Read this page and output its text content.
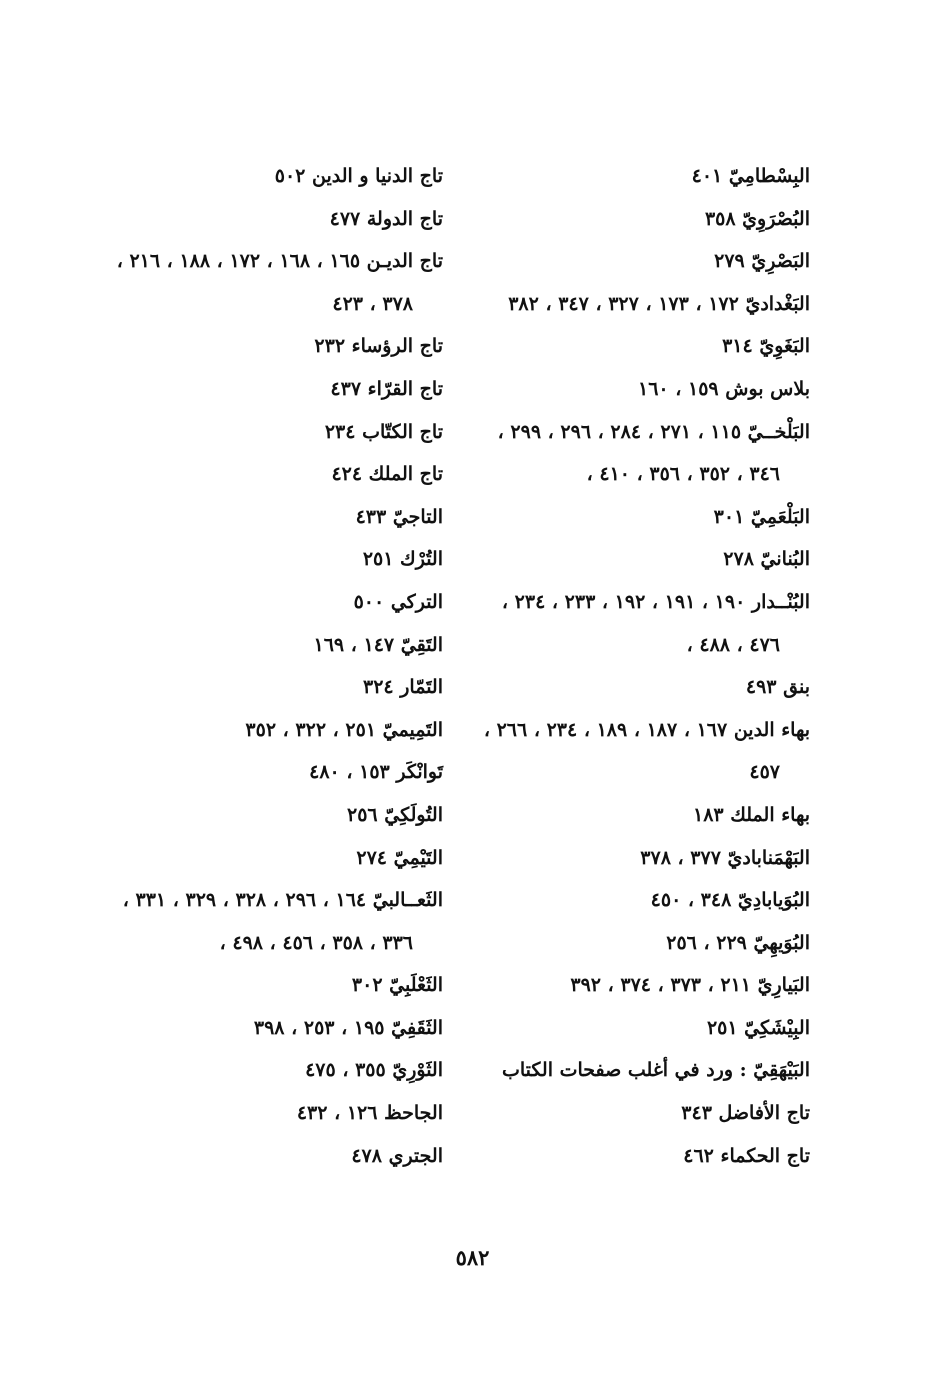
البِسْطامِيّ ٤٠١
البُصْرَوِيّ ٣٥٨
البَصْرِيّ ٢٧٩
البَغْداديّ ١٧٢ ، ١٧٣ ، ٣٢٧ ، ٣٤٧ ، ٣٨٢
البَغَوِيّ ٣١٤
بلاس بوش ١٥٩ ، ١٦٠
البَلْخــيّ ١١٥ ، ٢٧١ ، ٢٨٤ ، ٢٩٦ ، ٢٩٩ ،
٣٤٦ ، ٣٥٢ ، ٣٥٦ ، ٤١٠ ،
البَلْعَمِيّ ٣٠١
البُنانيّ ٢٧٨
البُنْــدار ١٩٠ ، ١٩١ ، ١٩٢ ، ٢٣٣ ، ٢٣٤ ،
٤٧٦ ، ٤٨٨ ،
بنق ٤٩٣
بهاء الدين ١٦٧ ، ١٨٧ ، ١٨٩ ، ٢٣٤ ، ٢٦٦ ،
٤٥٧
بهاء الملك ١٨٣
البَهْمَناباديّ ٣٧٧ ، ٣٧٨
البُوَيابادِيّ ٣٤٨ ، ٤٥٠
البُوَيهِيّ ٢٢٩ ، ٢٥٦
البَيارِيّ ٢١١ ، ٣٧٣ ، ٣٧٤ ، ٣٩٢
البِيْشَكِيّ ٢٥١
البَيْهَقِيّ : ورد في أغلب صفحات الكتاب
تاج الأفاضل ٣٤٣
تاج الحكماء ٤٦٢
تاج الدنيا و الدين ٥٠٢
تاج الدولة ٤٧٧
تاج الديـن ١٦٥ ، ١٦٨ ، ١٧٢ ، ١٨٨ ، ٢١٦ ،
٣٧٨ ، ٤٢٣
تاج الرؤساء ٢٣٢
تاج القرّاء ٤٣٧
تاج الكتّاب ٢٣٤
تاج الملك ٤٢٤
التاجيّ ٤٣٣
التُرْك ٢٥١
التركي ٥٠٠
التَقِيّ ١٤٧ ، ١٦٩
التَمّار ٣٢٤
التَمِيميّ ٢٥١ ، ٣٢٢ ، ٣٥٢
تَوانْكَر ١٥٣ ، ٤٨٠
التُولَكِيّ ٢٥٦
التَيْمِيّ ٢٧٤
الثَعــالبيّ ١٦٤ ، ٢٩٦ ، ٣٢٨ ، ٣٢٩ ، ٣٣١ ،
٣٣٦ ، ٣٥٨ ، ٤٥٦ ، ٤٩٨ ،
الثَعْلَبِيّ ٣٠٢
الثَقَفِيّ ١٩٥ ، ٢٥٣ ، ٣٩٨
الثَوْرِيّ ٣٥٥ ، ٤٧٥
الجاحظ ١٢٦ ، ٤٣٢
الجتري ٤٧٨
٥٨٢
